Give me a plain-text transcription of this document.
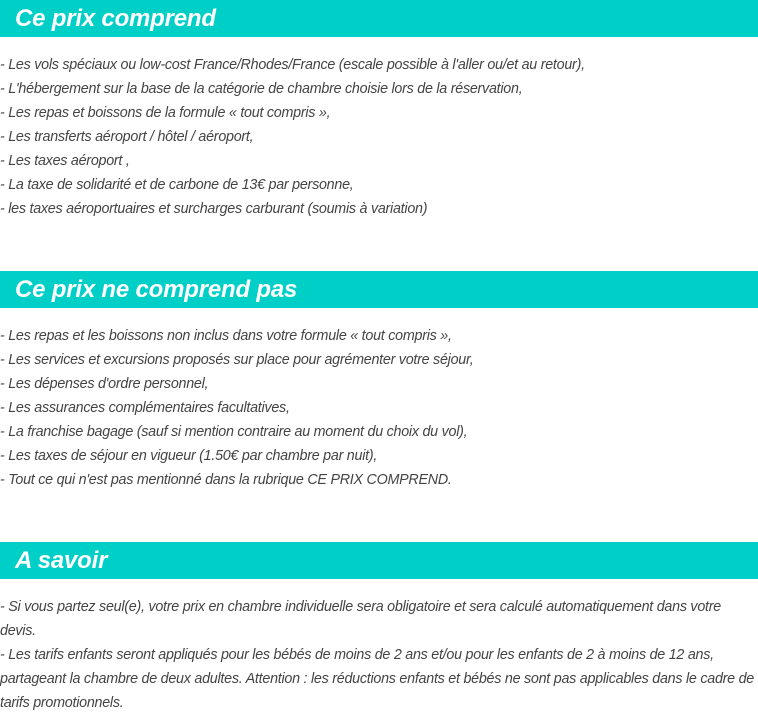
Ce prix comprend
- Les vols spéciaux ou low-cost France/Rhodes/France (escale possible à l'aller ou/et au retour),
- L'hébergement sur la base de la catégorie de chambre choisie lors de la réservation,
- Les repas et boissons de la formule « tout compris »,
- Les transferts aéroport / hôtel / aéroport,
- Les taxes aéroport ,
- La taxe de solidarité et de carbone de 13€ par personne,
- les taxes aéroportuaires et surcharges carburant (soumis à variation)
Ce prix ne comprend pas
- Les repas et les boissons non inclus dans votre formule « tout compris »,
- Les services et excursions proposés sur place pour agrémenter votre séjour,
- Les dépenses d'ordre personnel,
- Les assurances complémentaires facultatives,
- La franchise bagage (sauf si mention contraire au moment du choix du vol),
- Les taxes de séjour en vigueur (1.50€ par chambre par nuit),
- Tout ce qui n'est pas mentionné dans la rubrique CE PRIX COMPREND.
A savoir
- Si vous partez seul(e), votre prix en chambre individuelle sera obligatoire et sera calculé automatiquement dans votre devis.
- Les tarifs enfants seront appliqués pour les bébés de moins de 2 ans et/ou pour les enfants de 2 à moins de 12 ans, partageant la chambre de deux adultes. Attention : les réductions enfants et bébés ne sont pas applicables dans le cadre de tarifs promotionnels.
